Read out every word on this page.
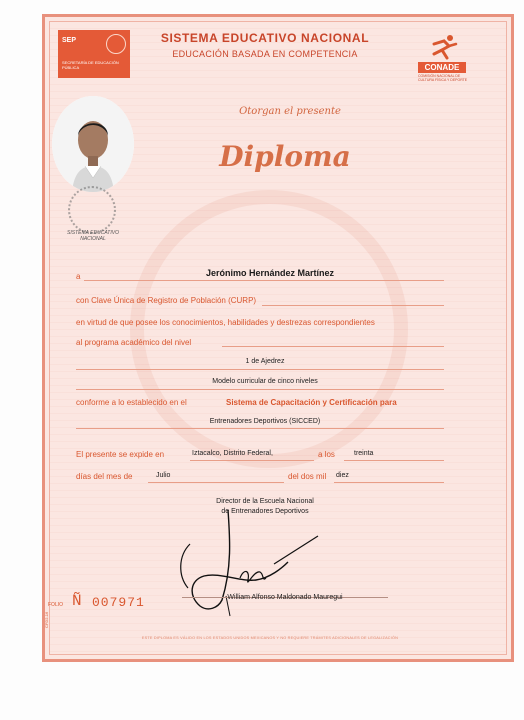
SEP
SECRETARÍA DE EDUCACIÓN PÚBLICA
SISTEMA EDUCATIVO NACIONAL
EDUCACIÓN BASADA EN COMPETENCIA
CONADE
COMISIÓN NACIONAL DE CULTURA FÍSICA Y DEPORTE
SISTEMA EDUCATIVO NACIONAL
Otorgan el presente
Diploma
a	Jerónimo Hernández Martínez
con Clave Única de Registro de Población (CURP)
en virtud de que posee los conocimientos, habilidades y destrezas correspondientes
al programa académico del nivel
1 de Ajedrez
Modelo curricular de cinco niveles
conforme a lo establecido en el	Sistema de Capacitación y Certificación para
Entrenadores Deportivos (SICCED)
El presente se expide en	Iztacalco, Distrito Federal,	a los	treinta
días del mes de	Julio	del dos mil diez
Director de la Escuela Nacional
de Entrenadores Deportivos
William Alfonso Maldonado Mauregui
FOLIO Ñ 007971
CFD2-16
ESTE DIPLOMA ES VÁLIDO EN LOS ESTADOS UNIDOS MEXICANOS Y NO REQUIERE TRÁMITES ADICIONALES DE LEGALIZACIÓN
